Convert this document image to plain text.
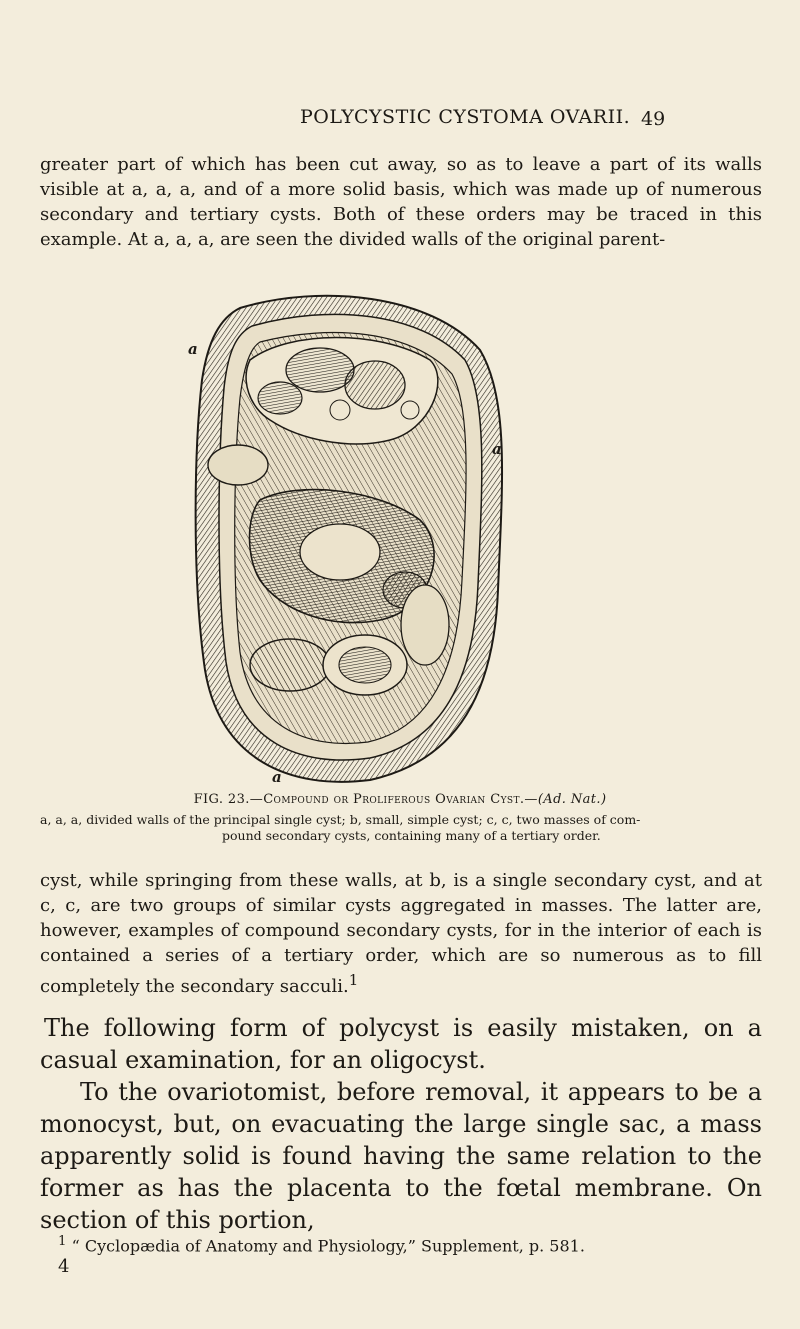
POLYCYSTIC CYSTOMA OVARII. 49

greater part of which has been cut away, so as to leave a part of its walls visible at a, a, a, and of a more solid basis, which was made up of numerous secondary and tertiary cysts. Both of these orders may be traced in this example. At a, a, a, are seen the divided walls of the original parent-

a
a
a
FIG. 23.—Compound or Proliferous Ovarian Cyst.—(Ad. Nat.)

a, a, a, divided walls of the principal single cyst; b, small, simple cyst; c, c, two masses of com-
pound secondary cysts, containing many of a tertiary order.

cyst, while springing from these walls, at b, is a single secondary cyst, and at c, c, are two groups of similar cysts aggregated in masses. The latter are, however, examples of compound secondary cysts, for in the interior of each is contained a series of a tertiary order, which are so numerous as to fill completely the secondary sacculi.$^1$

The following form of polycyst is easily mistaken, on a casual examination, for an oligocyst.

To the ovariotomist, before removal, it appears to be a monocyst, but, on evacuating the large single sac, a mass apparently solid is found having the same relation to the former as has the placenta to the fœtal membrane. On section of this portion,

$^1$ “ Cyclopædia of Anatomy and Physiology,” Supplement, p. 581.
4
